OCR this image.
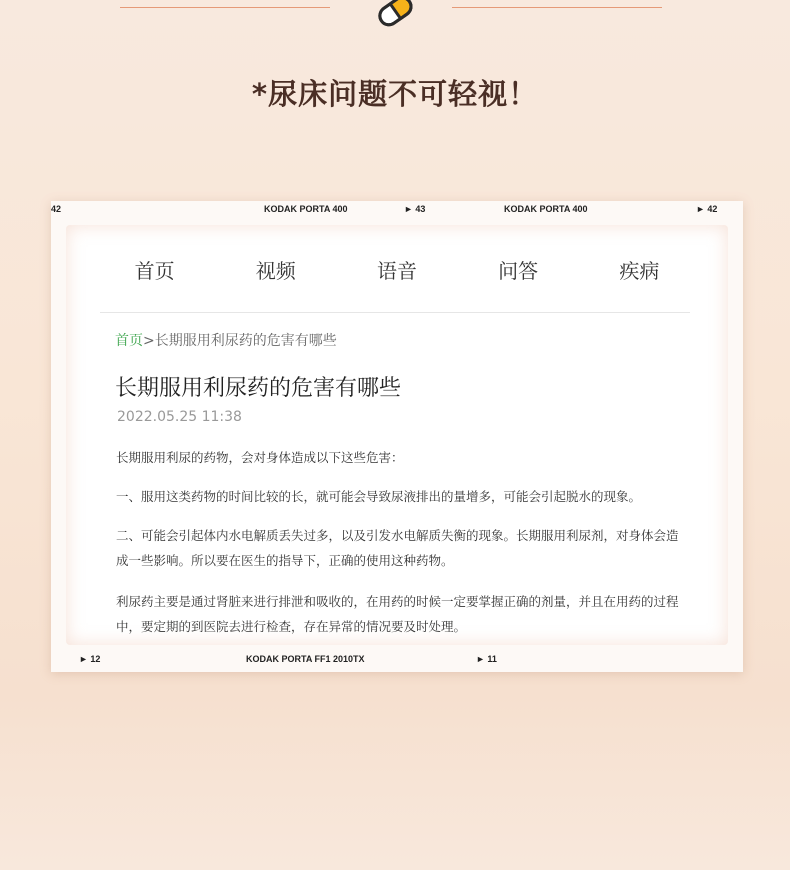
*尿床问题不可轻视！
42	KODAK PORTA 400	► 43	KODAK PORTA 400	► 42
首页	视频	语音	问答	疾病
首页>长期服用利尿药的危害有哪些
长期服用利尿药的危害有哪些
2022.05.25 11:38

长期服用利尿的药物，会对身体造成以下这些危害：

一、服用这类药物的时间比较的长，就可能会导致尿液排出的量增多，可能会引起脱水的现象。

二、可能会引起体内水电解质丢失过多，以及引发水电解质失衡的现象。长期服用利尿剂，对身体会造成一些影响。所以要在医生的指导下，正确的使用这种药物。

利尿药主要是通过肾脏来进行排泄和吸收的，在用药的时候一定要掌握正确的剂量，并且在用药的过程中，要定期的到医院去进行检查，存在异常的情况要及时处理。

► 12	KODAK PORTA FF1 2010TX	► 11
